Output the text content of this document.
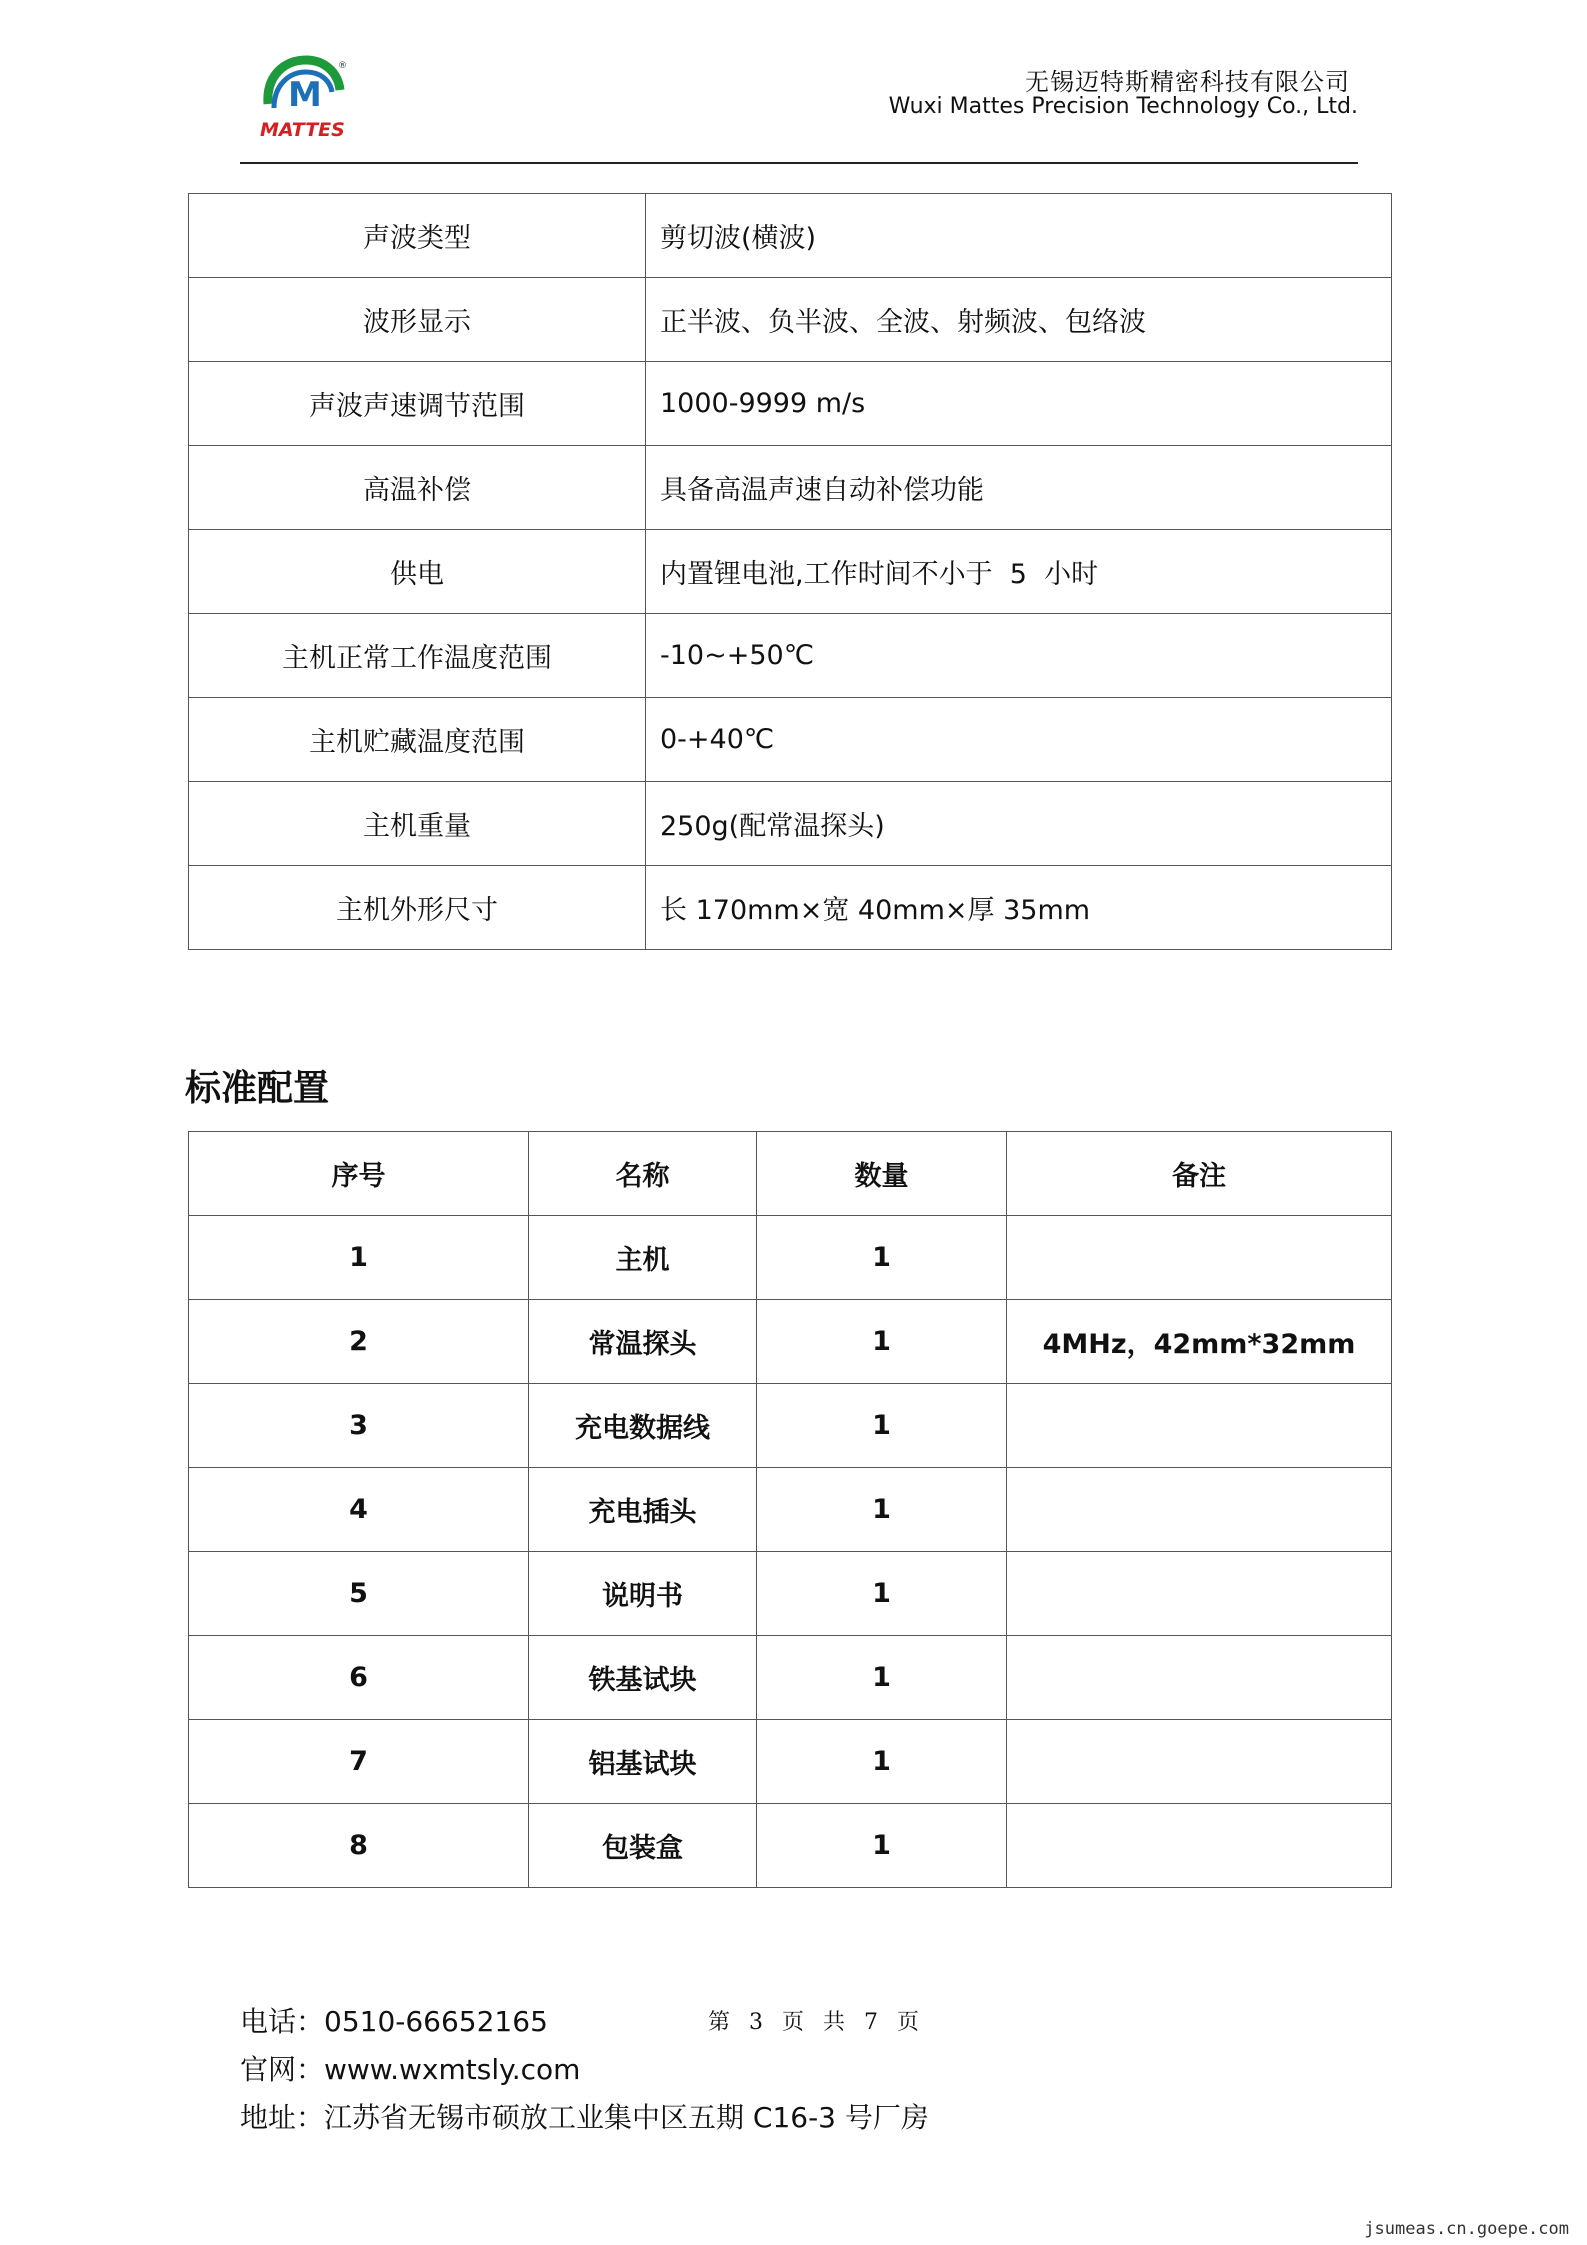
M
®
MATTES
无锡迈特斯精密科技有限公司
Wuxi Mattes Precision Technology Co., Ltd.
声波类型	剪切波(横波)
波形显示	正半波、负半波、全波、射频波、包络波
声波声速调节范围	1000-9999 m/s
高温补偿	具备高温声速自动补偿功能
供电	内置锂电池,工作时间不小于  5  小时
主机正常工作温度范围	-10~+50℃
主机贮藏温度范围	0-+40℃
主机重量	250g(配常温探头)
主机外形尺寸	长 170mm×宽 40mm×厚 35mm
标准配置
序号	名称	数量	备注
1	主机	1	
2	常温探头	1	4MHz，42mm*32mm
3	充电数据线	1	
4	充电插头	1	
5	说明书	1	
6	铁基试块	1	
7	铝基试块	1	
8	包装盒	1	
电话：0510-66652165
官网：www.wxmtsly.com
地址：江苏省无锡市硕放工业集中区五期 C16-3 号厂房
第 3 页 共 7 页
jsumeas.cn.goepe.com
